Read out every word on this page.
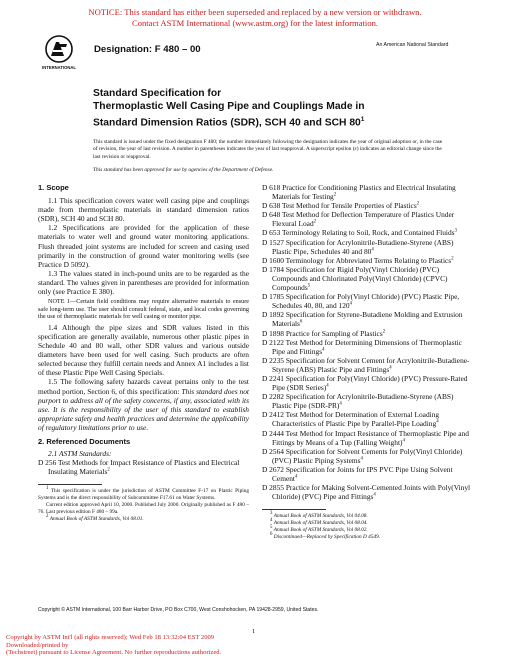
NOTICE: This standard has either been superseded and replaced by a new version or withdrawn.
Contact ASTM International (www.astm.org) for the latest information.
INTERNATIONAL
Designation: F 480 – 00	An American National Standard
Standard Specification for
Thermoplastic Well Casing Pipe and Couplings Made in
Standard Dimension Ratios (SDR), SCH 40 and SCH $80^1$
This standard is issued under the fixed designation F 480; the number immediately following the designation indicates the year of original adoption or, in the case of revision, the year of last revision. A number in parentheses indicates the year of last reapproval. A superscript epsilon (ε) indicates an editorial change since the last revision or reapproval.
This standard has been approved for use by agencies of the Department of Defense.

1. Scope

1.1 This specification covers water well casing pipe and couplings made from thermoplastic materials in standard dimension ratios (SDR), SCH 40 and SCH 80.

1.2 Specifications are provided for the application of these materials to water well and ground water monitoring applications. Flush threaded joint systems are included for screen and casing used primarily in the construction of ground water monitoring wells (see Practice D 5092).

1.3 The values stated in inch-pound units are to be regarded as the standard. The values given in parentheses are provided for information only (see Practice E 380).

NOTE 1—Certain field conditions may require alternative materials to ensure safe long-term use. The user should consult federal, state, and local codes governing the use of thermoplastic materials for well casing or monitor pipe.

1.4 Although the pipe sizes and SDR values listed in this specification are generally available, numerous other plastic pipes in Schedule 40 and 80 wall, other SDR values and various outside diameters have been used for well casing. Such products are often selected because they fulfill certain needs and Annex A1 includes a list of these Plastic Pipe Well Casing Specials.

1.5 The following safety hazards caveat pertains only to the test method portion, Section 6, of this specification: This standard does not purport to address all of the safety concerns, if any, associated with its use. It is the responsibility of the user of this standard to establish appropriate safety and health practices and determine the applicability of regulatory limitations prior to use.

2. Referenced Documents

2.1 ASTM Standards:

D 256 Test Methods for Impact Resistance of Plastics and Electrical Insulating Materials$^2$

$^1$ This specification is under the jurisdiction of ASTM Committee F-17 on Plastic Piping Systems and is the direct responsibility of Subcommittee F17.61 on Water Systems.

Current edition approved April 10, 2000. Published July 2000. Originally published as F 480 – 76. Last previous edition F 480 – 99a.

$^2$ Annual Book of ASTM Standards, Vol 08.01.

D 618 Practice for Conditioning Plastics and Electrical Insulating Materials for Testing$^2$

D 638 Test Method for Tensile Properties of Plastics$^2$

D 648 Test Method for Deflection Temperature of Plastics Under Flexural Load$^2$

D 653 Terminology Relating to Soil, Rock, and Contained Fluids$^3$

D 1527 Specification for Acrylonitrile-Butadiene-Styrene (ABS) Plastic Pipe, Schedules 40 and $80^4$

D 1600 Terminology for Abbreviated Terms Relating to Plastics$^2$

D 1784 Specification for Rigid Poly(Vinyl Chloride) (PVC) Compounds and Chlorinated Poly(Vinyl Chloride) (CPVC) Compounds$^5$

D 1785 Specification for Poly(Vinyl Chloride) (PVC) Plastic Pipe, Schedules 40, 80, and $120^4$

D 1892 Specification for Styrene-Butadiene Molding and Extrusion Materials$^6$

D 1898 Practice for Sampling of Plastics$^2$

D 2122 Test Method for Determining Dimensions of Thermoplastic Pipe and Fittings$^4$

D 2235 Specification for Solvent Cement for Acrylonitrile-Butadiene-Styrene (ABS) Plastic Pipe and Fittings$^4$

D 2241 Specification for Poly(Vinyl Chloride) (PVC) Pressure-Rated Pipe (SDR Series)$^4$

D 2282 Specification for Acrylonitrile-Butadiene-Styrene (ABS) Plastic Pipe $(SDR-PR)^4$

D 2412 Test Method for Determination of External Loading Characteristics of Plastic Pipe by Parallel-Pipe Loading$^4$

D 2444 Test Method for Impact Resistance of Thermoplastic Pipe and Fittings by Means of a Tup (Falling Weight)$^4$

D 2564 Specification for Solvent Cements for Poly(Vinyl Chloride) (PVC) Plastic Piping Systems$^4$

D 2672 Specification for Joints for IPS PVC Pipe Using Solvent Cement$^4$

D 2855 Practice for Making Solvent-Cemented Joints with Poly(Vinyl Chloride) (PVC) Pipe and Fittings$^4$

$^3$ Annual Book of ASTM Standards, Vol 04.08.

$^4$ Annual Book of ASTM Standards, Vol 08.04.

$^5$ Annual Book of ASTM Standards, Vol 08.02.

$^6$ Discontinued—Replaced by Specification D 4549.

Copyright © ASTM International, 100 Barr Harbor Drive, PO Box C700, West Conshohocken, PA 19428-2959, United States.
1
Copyright by ASTM Int'l (all rights reserved); Wed Feb 18 13:32:04 EST 2009
Downloaded/printed by
(Techstreet) pursuant to License Agreement. No further reproductions authorized.
